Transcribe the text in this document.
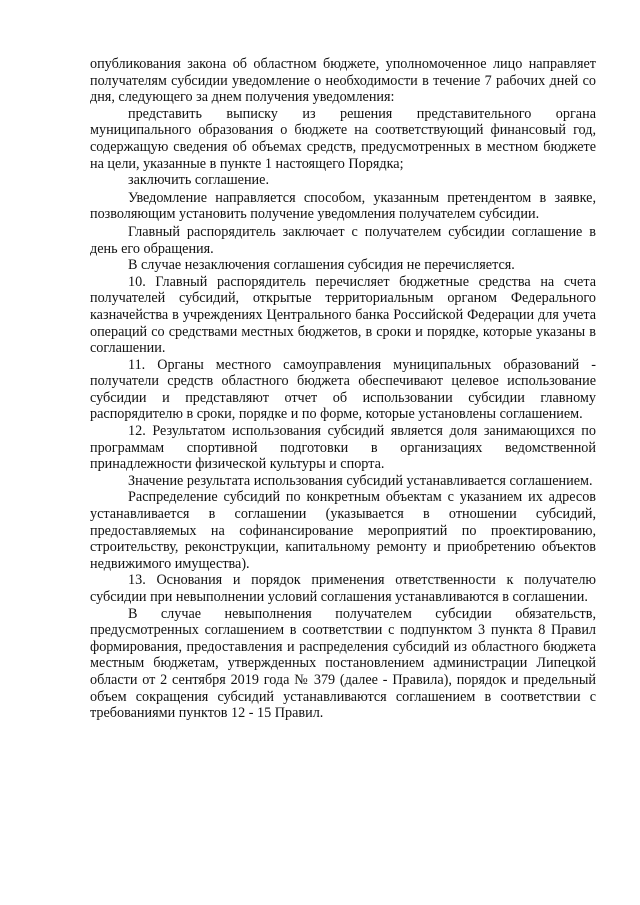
опубликования закона об областном бюджете, уполномоченное лицо направляет получателям субсидии уведомление о необходимости в течение 7 рабочих дней со дня, следующего за днем получения уведомления:

представить выписку из решения представительного органа муниципального образования о бюджете на соответствующий финансовый год, содержащую сведения об объемах средств, предусмотренных в местном бюджете на цели, указанные в пункте 1 настоящего Порядка;

заключить соглашение.

Уведомление направляется способом, указанным претендентом в заявке, позволяющим установить получение уведомления получателем субсидии.

Главный распорядитель заключает с получателем субсидии соглашение в день его обращения.

В случае незаключения соглашения субсидия не перечисляется.

10. Главный распорядитель перечисляет бюджетные средства на счета получателей субсидий, открытые территориальным органом Федерального казначейства в учреждениях Центрального банка Российской Федерации для учета операций со средствами местных бюджетов, в сроки и порядке, которые указаны в соглашении.

11. Органы местного самоуправления муниципальных образований - получатели средств областного бюджета обеспечивают целевое использование субсидии и представляют отчет об использовании субсидии главному распорядителю в сроки, порядке и по форме, которые установлены соглашением.

12. Результатом использования субсидий является доля занимающихся по программам спортивной подготовки в организациях ведомственной принадлежности физической культуры и спорта.

Значение результата использования субсидий устанавливается соглашением.

Распределение субсидий по конкретным объектам с указанием их адресов устанавливается в соглашении (указывается в отношении субсидий, предоставляемых на софинансирование мероприятий по проектированию, строительству, реконструкции, капитальному ремонту и приобретению объектов недвижимого имущества).

13. Основания и порядок применения ответственности к получателю субсидии при невыполнении условий соглашения устанавливаются в соглашении.

В случае невыполнения получателем субсидии обязательств, предусмотренных соглашением в соответствии с подпунктом 3 пункта 8 Правил формирования, предоставления и распределения субсидий из областного бюджета местным бюджетам, утвержденных постановлением администрации Липецкой области от 2 сентября 2019 года № 379 (далее - Правила), порядок и предельный объем сокращения субсидий устанавливаются соглашением в соответствии с требованиями пунктов 12 - 15 Правил.
